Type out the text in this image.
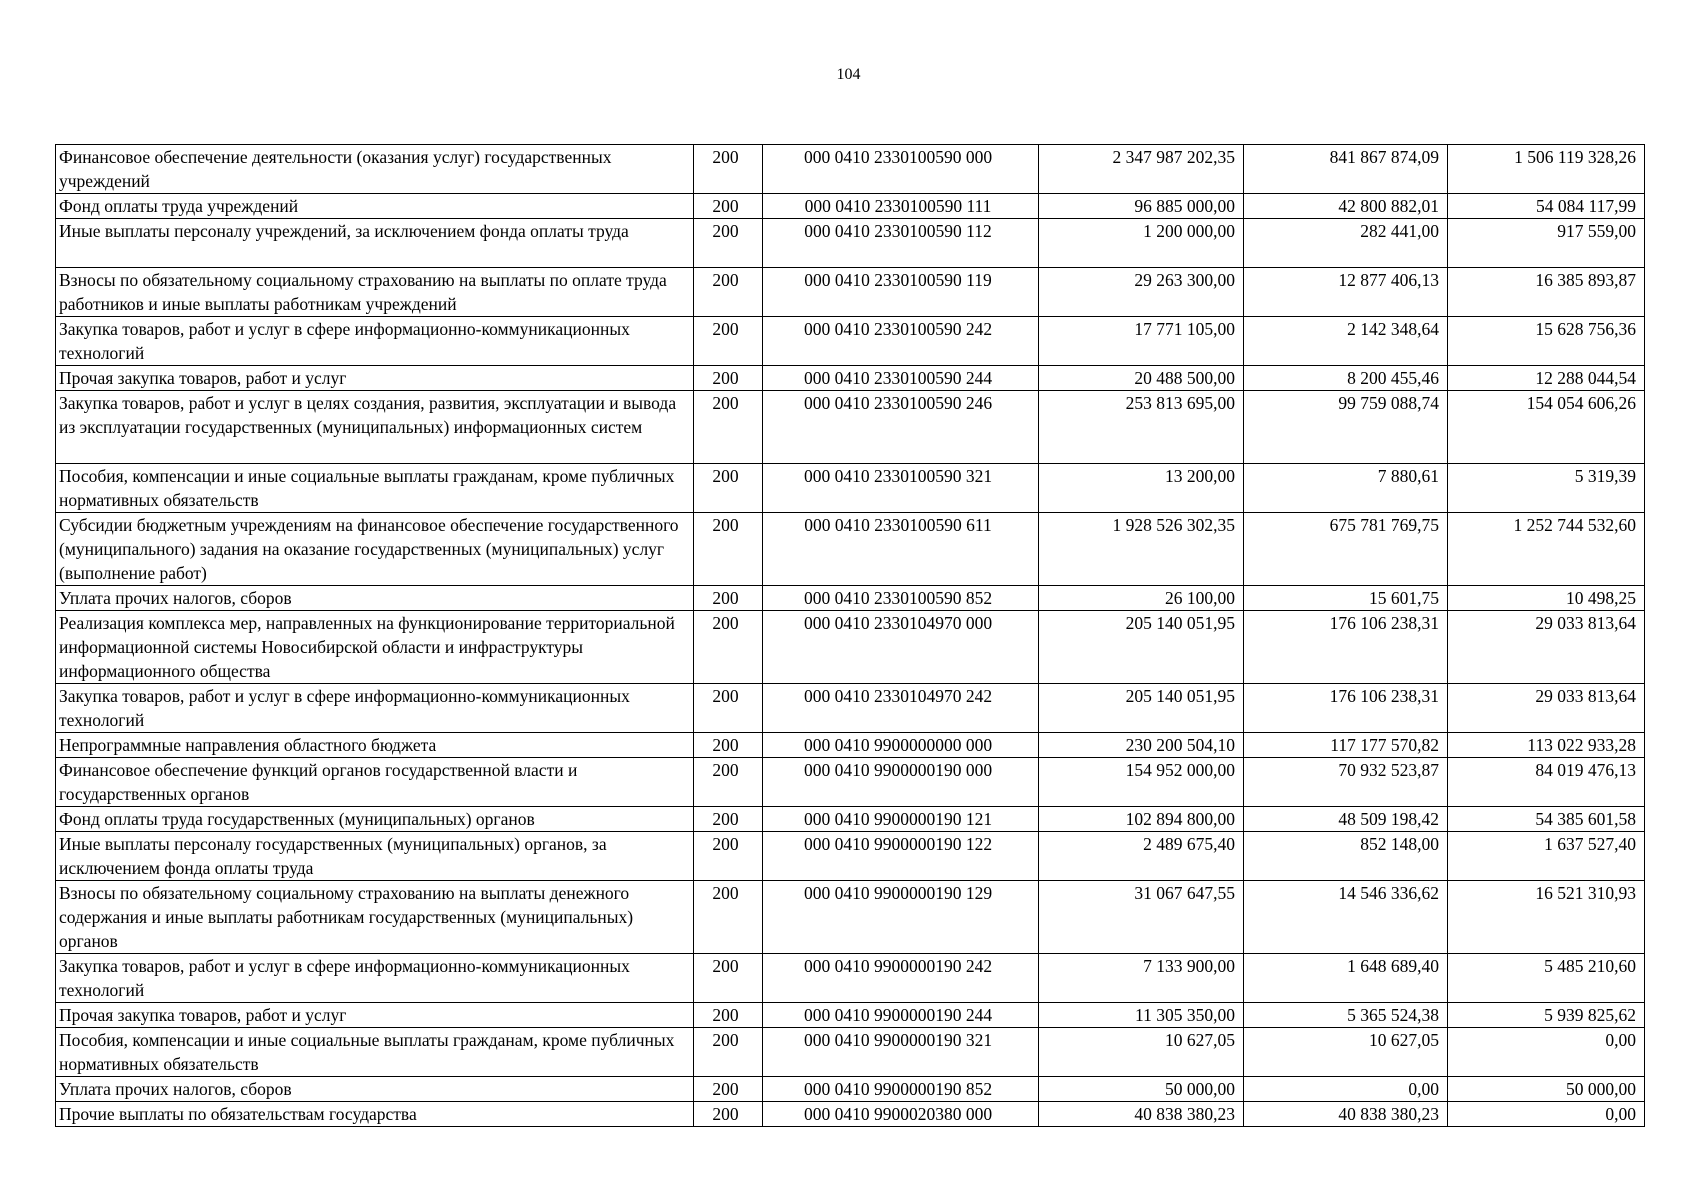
104
Финансовое обеспечение деятельности (оказания услуг) государственных учреждений	200	000 0410 2330100590 000	2 347 987 202,35	841 867 874,09	1 506 119 328,26
Фонд оплаты труда учреждений	200	000 0410 2330100590 111	96 885 000,00	42 800 882,01	54 084 117,99
Иные выплаты персоналу учреждений, за исключением фонда оплаты труда	200	000 0410 2330100590 112	1 200 000,00	282 441,00	917 559,00
Взносы по обязательному социальному страхованию на выплаты по оплате труда работников и иные выплаты работникам учреждений	200	000 0410 2330100590 119	29 263 300,00	12 877 406,13	16 385 893,87
Закупка товаров, работ и услуг в сфере информационно-коммуникационных технологий	200	000 0410 2330100590 242	17 771 105,00	2 142 348,64	15 628 756,36
Прочая закупка товаров, работ и услуг	200	000 0410 2330100590 244	20 488 500,00	8 200 455,46	12 288 044,54
Закупка товаров, работ и услуг в целях создания, развития, эксплуатации и вывода из эксплуатации государственных (муниципальных) информационных систем	200	000 0410 2330100590 246	253 813 695,00	99 759 088,74	154 054 606,26
Пособия, компенсации и иные социальные выплаты гражданам, кроме публичных нормативных обязательств	200	000 0410 2330100590 321	13 200,00	7 880,61	5 319,39
Субсидии бюджетным учреждениям на финансовое обеспечение государственного (муниципального) задания на оказание государственных (муниципальных) услуг (выполнение работ)	200	000 0410 2330100590 611	1 928 526 302,35	675 781 769,75	1 252 744 532,60
Уплата прочих налогов, сборов	200	000 0410 2330100590 852	26 100,00	15 601,75	10 498,25
Реализация комплекса мер, направленных на функционирование территориальной информационной системы Новосибирской области и инфраструктуры информационного общества	200	000 0410 2330104970 000	205 140 051,95	176 106 238,31	29 033 813,64
Закупка товаров, работ и услуг в сфере информационно-коммуникационных технологий	200	000 0410 2330104970 242	205 140 051,95	176 106 238,31	29 033 813,64
Непрограммные направления областного бюджета	200	000 0410 9900000000 000	230 200 504,10	117 177 570,82	113 022 933,28
Финансовое обеспечение функций органов государственной власти и государственных органов	200	000 0410 9900000190 000	154 952 000,00	70 932 523,87	84 019 476,13
Фонд оплаты труда государственных (муниципальных) органов	200	000 0410 9900000190 121	102 894 800,00	48 509 198,42	54 385 601,58
Иные выплаты персоналу государственных (муниципальных) органов, за исключением фонда оплаты труда	200	000 0410 9900000190 122	2 489 675,40	852 148,00	1 637 527,40
Взносы по обязательному социальному страхованию на выплаты денежного содержания и иные выплаты работникам государственных (муниципальных) органов	200	000 0410 9900000190 129	31 067 647,55	14 546 336,62	16 521 310,93
Закупка товаров, работ и услуг в сфере информационно-коммуникационных технологий	200	000 0410 9900000190 242	7 133 900,00	1 648 689,40	5 485 210,60
Прочая закупка товаров, работ и услуг	200	000 0410 9900000190 244	11 305 350,00	5 365 524,38	5 939 825,62
Пособия, компенсации и иные социальные выплаты гражданам, кроме публичных нормативных обязательств	200	000 0410 9900000190 321	10 627,05	10 627,05	0,00
Уплата прочих налогов, сборов	200	000 0410 9900000190 852	50 000,00	0,00	50 000,00
Прочие выплаты по обязательствам государства	200	000 0410 9900020380 000	40 838 380,23	40 838 380,23	0,00
